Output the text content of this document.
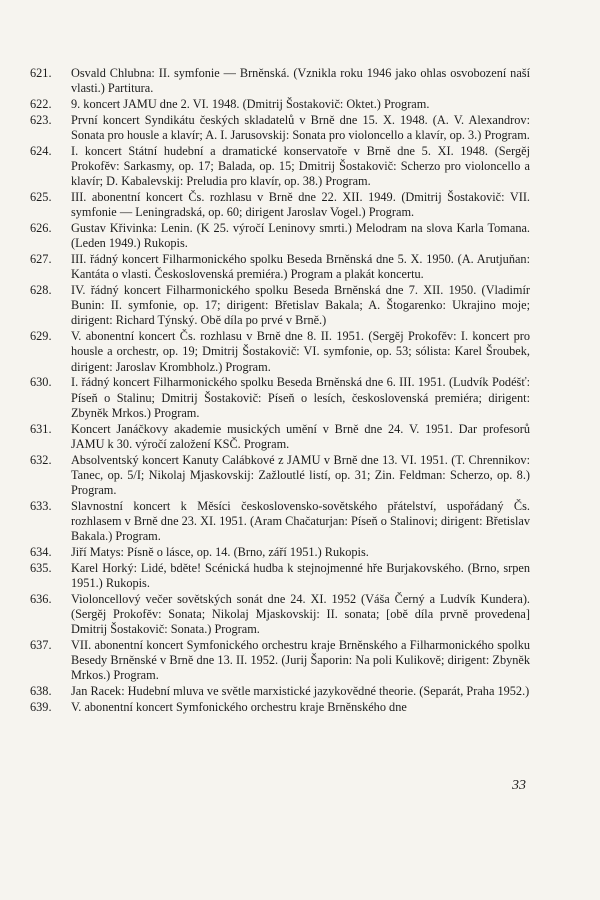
621.	Osvald Chlubna: II. symfonie — Brněnská. (Vznikla roku 1946 jako ohlas osvobození naší vlasti.) Partitura.
622.	9. koncert JAMU dne 2. VI. 1948. (Dmitrij Šostakovič: Oktet.) Program.
623.	První koncert Syndikátu českých skladatelů v Brně dne 15. X. 1948. (A. V. Alexandrov: Sonata pro housle a klavír; A. I. Jarusovskij: Sonata pro violoncello a klavír, op. 3.) Program.
624.	I. koncert Státní hudební a dramatické konservatoře v Brně dne 5. XI. 1948. (Sergěj Prokofěv: Sarkasmy, op. 17; Balada, op. 15; Dmitrij Šostakovič: Scherzo pro violoncello a klavír; D. Kabalevskij: Preludia pro klavír, op. 38.) Program.
625.	III. abonentní koncert Čs. rozhlasu v Brně dne 22. XII. 1949. (Dmitrij Šostakovič: VII. symfonie — Leningradská, op. 60; dirigent Jaroslav Vogel.) Program.
626.	Gustav Křivinka: Lenin. (K 25. výročí Leninovy smrti.) Melodram na slova Karla Tomana. (Leden 1949.) Rukopis.
627.	III. řádný koncert Filharmonického spolku Beseda Brněnská dne 5. X. 1950. (A. Arutjuňan: Kantáta o vlasti. Československá premiéra.) Program a plakát koncertu.
628.	IV. řádný koncert Filharmonického spolku Beseda Brněnská dne 7. XII. 1950. (Vladimír Bunin: II. symfonie, op. 17; dirigent: Břetislav Bakala; A. Štogarenko: Ukrajino moje; dirigent: Richard Týnský. Obě díla po prvé v Brně.)
629.	V. abonentní koncert Čs. rozhlasu v Brně dne 8. II. 1951. (Sergěj Prokofěv: I. koncert pro housle a orchestr, op. 19; Dmitrij Šostakovič: VI. symfonie, op. 53; sólista: Karel Šroubek, dirigent: Jaroslav Krombholz.) Program.
630.	I. řádný koncert Filharmonického spolku Beseda Brněnská dne 6. III. 1951. (Ludvík Podéšť: Píseň o Stalinu; Dmitrij Šostakovič: Píseň o lesích, československá premiéra; dirigent: Zbyněk Mrkos.) Program.
631.	Koncert Janáčkovy akademie musických umění v Brně dne 24. V. 1951. Dar profesorů JAMU k 30. výročí založení KSČ. Program.
632.	Absolventský koncert Kanuty Calábkové z JAMU v Brně dne 13. VI. 1951. (T. Chrennikov: Tanec, op. 5/I; Nikolaj Mjaskovskij: Zažloutlé listí, op. 31; Zin. Feldman: Scherzo, op. 8.) Program.
633.	Slavnostní koncert k Měsíci československo-sovětského přátelství, uspořádaný Čs. rozhlasem v Brně dne 23. XI. 1951. (Aram Chačaturjan: Píseň o Stalinovi; dirigent: Břetislav Bakala.) Program.
634.	Jiří Matys: Písně o lásce, op. 14. (Brno, září 1951.) Rukopis.
635.	Karel Horký: Lidé, bděte! Scénická hudba k stejnojmenné hře Burjakovského. (Brno, srpen 1951.) Rukopis.
636.	Violoncellový večer sovětských sonát dne 24. XI. 1952 (Váša Černý a Ludvík Kundera). (Sergěj Prokofěv: Sonata; Nikolaj Mjaskovskij: II. sonata; [obě díla prvně provedena] Dmitrij Šostakovič: Sonata.) Program.
637.	VII. abonentní koncert Symfonického orchestru kraje Brněnského a Filharmonického spolku Besedy Brněnské v Brně dne 13. II. 1952. (Jurij Šaporin: Na poli Kulikově; dirigent: Zbyněk Mrkos.) Program.
638.	Jan Racek: Hudební mluva ve světle marxistické jazykovědné theorie. (Separát, Praha 1952.)
639.	V. abonentní koncert Symfonického orchestru kraje Brněnského dne
33
